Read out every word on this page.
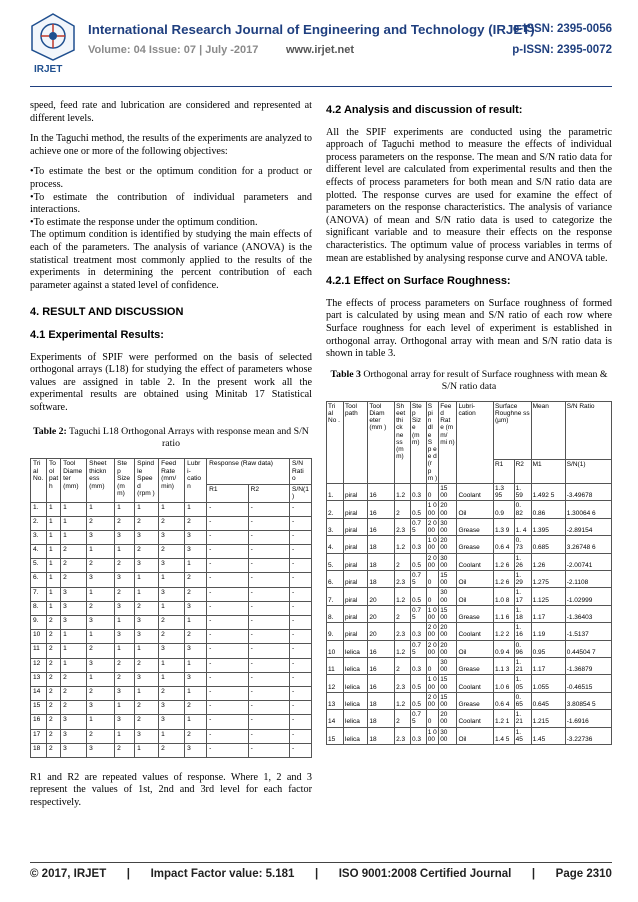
IRJET
International Research Journal of Engineering and Technology (IRJET)
e-ISSN: 2395-0056
Volume: 04 Issue: 07 | July -2017	www.irjet.net	p-ISSN: 2395-0072

speed, feed rate and lubrication are considered and represented at different levels.

In the Taguchi method, the results of the experiments are analyzed to achieve one or more of the following objectives:

•To estimate the best or the optimum condition for a product or process.

•To estimate the contribution of individual parameters and interactions.

•To estimate the response under the optimum condition.

The optimum condition is identified by studying the main effects of each of the parameters. The analysis of variance (ANOVA) is the statistical treatment most commonly applied to the results of the experiments in determining the percent contribution of each parameter against a stated level of confidence.

4. RESULT AND DISCUSSION
4.1 Experimental Results:

Experiments of SPIF were performed on the basis of selected orthogonal arrays (L18) for studying the effect of parameters whose values are assigned in table 2. In the present work all the experimental results are obtained using Minitab 17 Statistical software.

Table 2: Taguchi L18 Orthogonal Arrays with response mean and S/N ratio
Tri al No.	To ol pat h	Tool Diame ter (mm)	Sheet thickn ess (mm)	Ste p Size (m m)	Spind le Spee d (rpm )	Feed Rate (mm/ min)	Lubr i-catio n	Response (Raw data)		S/N Rati o
								R1	R2	S/N(1 )
1.	1	1	1	1	1	1	1	-	-	-
2.	1	1	2	2	2	2	2	-	-	-
3.	1	1	3	3	3	3	3	-	-	-
4.	1	2	1	1	2	2	3	-	-	-
5.	1	2	2	2	3	3	1	-	-	-
6.	1	2	3	3	1	1	2	-	-	-
7.	1	3	1	2	1	3	2	-	-	-
8.	1	3	2	3	2	1	3	-	-	-
9.	2	3	3	1	3	2	1	-	-	-
10	2	1	1	3	3	2	2	-	-	-
11	2	1	2	1	1	3	3	-	-	-
12	2	1	3	2	2	1	1	-	-	-
13	2	2	1	2	3	1	3	-	-	-
14	2	2	2	3	1	2	1	-	-	-
15	2	2	3	1	2	3	2	-	-	-
16	2	3	1	3	2	3	1	-	-	-
17	2	3	2	1	3	1	2	-	-	-
18	2	3	3	2	1	2	3	-	-	-

R1 and R2 are repeated values of response. Where 1, 2 and 3 represent the values of 1st, 2nd and 3rd level for each factor respectively.

4.2 Analysis and discussion of result:

All the SPIF experiments are conducted using the parametric approach of Taguchi method to measure the effects of individual process parameters on the response. The mean and S/N ratio data for different level are calculated from experimental results and then the effects of process parameters for both mean and S/N ratio data are plotted. The response curves are used for examine the effect of parameters on the response characteristics. The analysis of variance (ANOVA) of mean and S/N ratio data is used to categorize the significant variable and to measure their effects on the response characteristics. The optimum value of process variables in terms of mean are established by analysing response curve and ANOVA table.

4.2.1 Effect on Surface Roughness:

The effects of process parameters on Surface roughness of formed part is calculated by using mean and S/N ratio of each row where Surface roughness for each level of experiment is established in orthogonal array. Orthogonal array with mean and S/N ratio data is shown in table 3.

Table 3 Orthogonal array for result of Surface roughness with mean & S/N ratio data
Tri al No .	Tool path	Tool Diam eter (mm )	Sh eet thi ck ne ss (m m)	Ste p Siz e (m m)	S pi n dl e S p e e d (r p m )	Fee d Rat e (m m/ mi n)	Lubri-cation	Surface Roughne ss (µm)		Mean	S/N Ratio
								R1	R2	M1	S/N(1)
1.	piral	16	1.2	0.3	0	15 00	Coolant	1.3 95	1. 59	1.492 5	-3.49678
2.	piral	16	2	0.5	1 0 00	20 00	Oil	0.9	0. 82	0.86	1.30064 6
3.	piral	16	2.3	0.7 5	2 0 00	30 00	Grease	1.3 9	1. 4	1.395	-2.89154
4.	piral	18	1.2	0.3	1 0 00	20 00	Grease	0.6 4	0. 73	0.685	3.26748 6
5.	piral	18	2	0.5	2 0 00	30 00	Coolant	1.2 6	1. 26	1.26	-2.00741
6.	piral	18	2.3	0.7 5	0	15 00	Oil	1.2 6	1. 29	1.275	-2.1108
7.	piral	20	1.2	0.5	0	30 00	Oil	1.0 8	1. 17	1.125	-1.02999
8.	piral	20	2	0.7 5	1 0 00	15 00	Grease	1.1 6	1. 18	1.17	-1.36403
9.	piral	20	2.3	0.3	2 0 00	20 00	Coolant	1.2 2	1. 16	1.19	-1.5137
10	lelica	16	1.2	0.7 5	2 0 00	20 00	Oil	0.9 4	0. 96	0.95	0.44504 7
11	lelica	16	2	0.3	0	30 00	Grease	1.1 3	1. 21	1.17	-1.36879
12	lelica	16	2.3	0.5	1 0 00	15 00	Coolant	1.0 6	1. 05	1.055	-0.46515
13	lelica	18	1.2	0.5	2 0 00	15 00	Grease	0.6 4	0. 65	0.645	3.80854 5
14	lelica	18	2	0.7 5	0	20 00	Coolant	1.2 1	1. 21	1.215	-1.6916
15	lelica	18	2.3	0.3	1 0 00	30 00	Oil	1.4 5	1. 45	1.45	-3.22736
© 2017, IRJET | Impact Factor value: 5.181 | ISO 9001:2008 Certified Journal | Page 2310
